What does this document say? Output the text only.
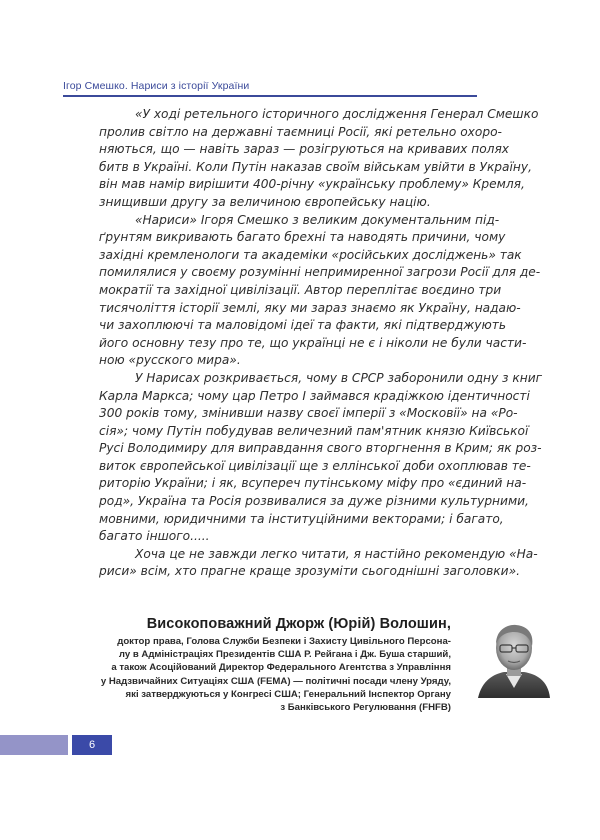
Ігор Смешко. Нариси з історії України

«У ході ретельного історичного дослідження Генерал Смешко
пролив світло на державні таємниці Росії, які ретельно охоро-
няються, що — навіть зараз — розігруються на кривавих полях
битв в Україні. Коли Путін наказав своїм військам увійти в Україну,
він мав намір вирішити 400-річну «українську проблему» Кремля,
знищивши другу за величиною європейську націю.

«Нариси» Ігоря Смешко з великим документальним під-
ґрунтям викривають багато брехні та наводять причини, чому
західні кремленологи та академіки «російських досліджень» так
помилялися у своєму розумінні непримиренної загрози Росії для де-
мократії та західної цивілізації. Автор переплітає воєдино три
тисячоліття історії землі, яку ми зараз знаємо як Україну, надаю-
чи захоплюючі та маловідомі ідеї та факти, які підтверджують
його основну тезу про те, що українці не є і ніколи не були части-
ною «русского мира».

У Нарисах розкривається, чому в СРСР заборонили одну з книг
Карла Маркса; чому цар Петро І займався крадіжкою ідентичності
300 років тому, змінивши назву своєї імперії з «Московії» на «Ро-
сія»; чому Путін побудував величезний пам'ятник князю Київської
Русі Володимиру для виправдання свого вторгнення в Крим; як роз-
виток європейської цивілізації ще з еллінської доби охоплював те-
риторію України; і як, всупереч путінському міфу про «єдиний на-
род», Україна та Росія розвивалися за дуже різними культурними,
мовними, юридичними та інституційними векторами; і багато,
багато іншого.....

Хоча це не завжди легко читати, я настійно рекомендую «На-
риси» всім, хто прагне краще зрозуміти сьогоднішні заголовки».

Високоповажний Джорж (Юрій) Волошин,
доктор права, Голова Служби Безпеки і Захисту Цивільного Персона-
лу в Адміністраціях Президентів США Р. Рейгана і Дж. Буша старший,
а також Асоційований Директор Федерального Агентства з Управління
у Надзвичайних Ситуаціях США (FEMA) — політичні посади члену Уряду,
які затверджуються у Конгресі США; Генеральний Інспектор Органу
з Банківського Регулювання (FHFB)
6
